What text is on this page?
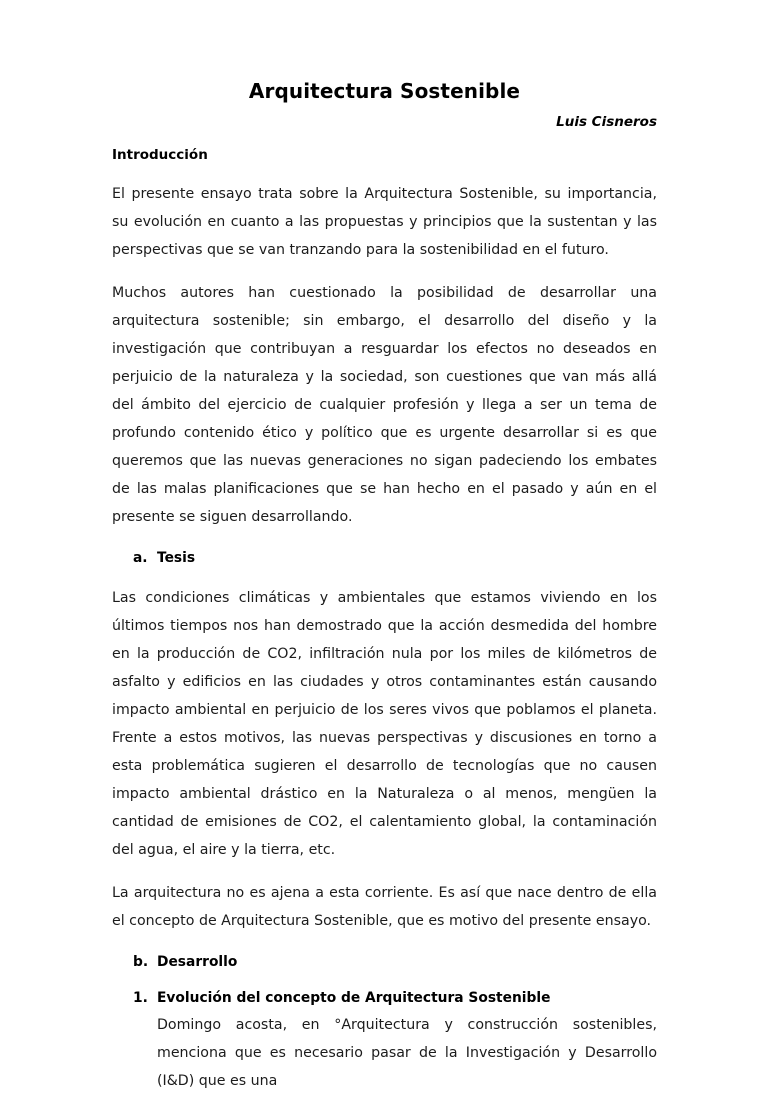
Arquitectura Sostenible
Luis Cisneros
Introducción

El presente ensayo trata sobre la Arquitectura Sostenible, su importancia, su evolución en cuanto a las propuestas y principios que la sustentan y las perspectivas que se van tranzando para la sostenibilidad en el futuro.

Muchos autores han cuestionado la posibilidad de desarrollar una arquitectura sostenible; sin embargo, el desarrollo del diseño y la investigación que contribuyan a resguardar los efectos no deseados en perjuicio de la naturaleza y la sociedad, son cuestiones que van más allá del ámbito del ejercicio de cualquier profesión y llega a ser un tema de profundo contenido ético y político que es urgente desarrollar si es que queremos que las nuevas generaciones no sigan padeciendo los embates de las malas planificaciones que se han hecho en el pasado y aún en el presente se siguen desarrollando.

a. Tesis

Las condiciones climáticas y ambientales que estamos viviendo en los últimos tiempos nos han demostrado que la acción desmedida del hombre en la producción de CO2, infiltración nula por los miles de kilómetros de asfalto y edificios en las ciudades y otros contaminantes están causando impacto ambiental en perjuicio de los seres vivos que poblamos el planeta. Frente a estos motivos, las nuevas perspectivas y discusiones en torno a esta problemática sugieren el desarrollo de tecnologías que no causen impacto ambiental drástico en la Naturaleza o al menos, mengüen la cantidad de emisiones de CO2, el calentamiento global, la contaminación del agua, el aire y la tierra, etc.

La arquitectura no es ajena a esta corriente. Es así que nace dentro de ella el concepto de Arquitectura Sostenible, que es motivo del presente ensayo.

b. Desarrollo
1. Evolución del concepto de Arquitectura Sostenible

Domingo acosta, en °Arquitectura y construcción sostenibles, menciona que es necesario pasar de la Investigación y Desarrollo (I&D) que es una
